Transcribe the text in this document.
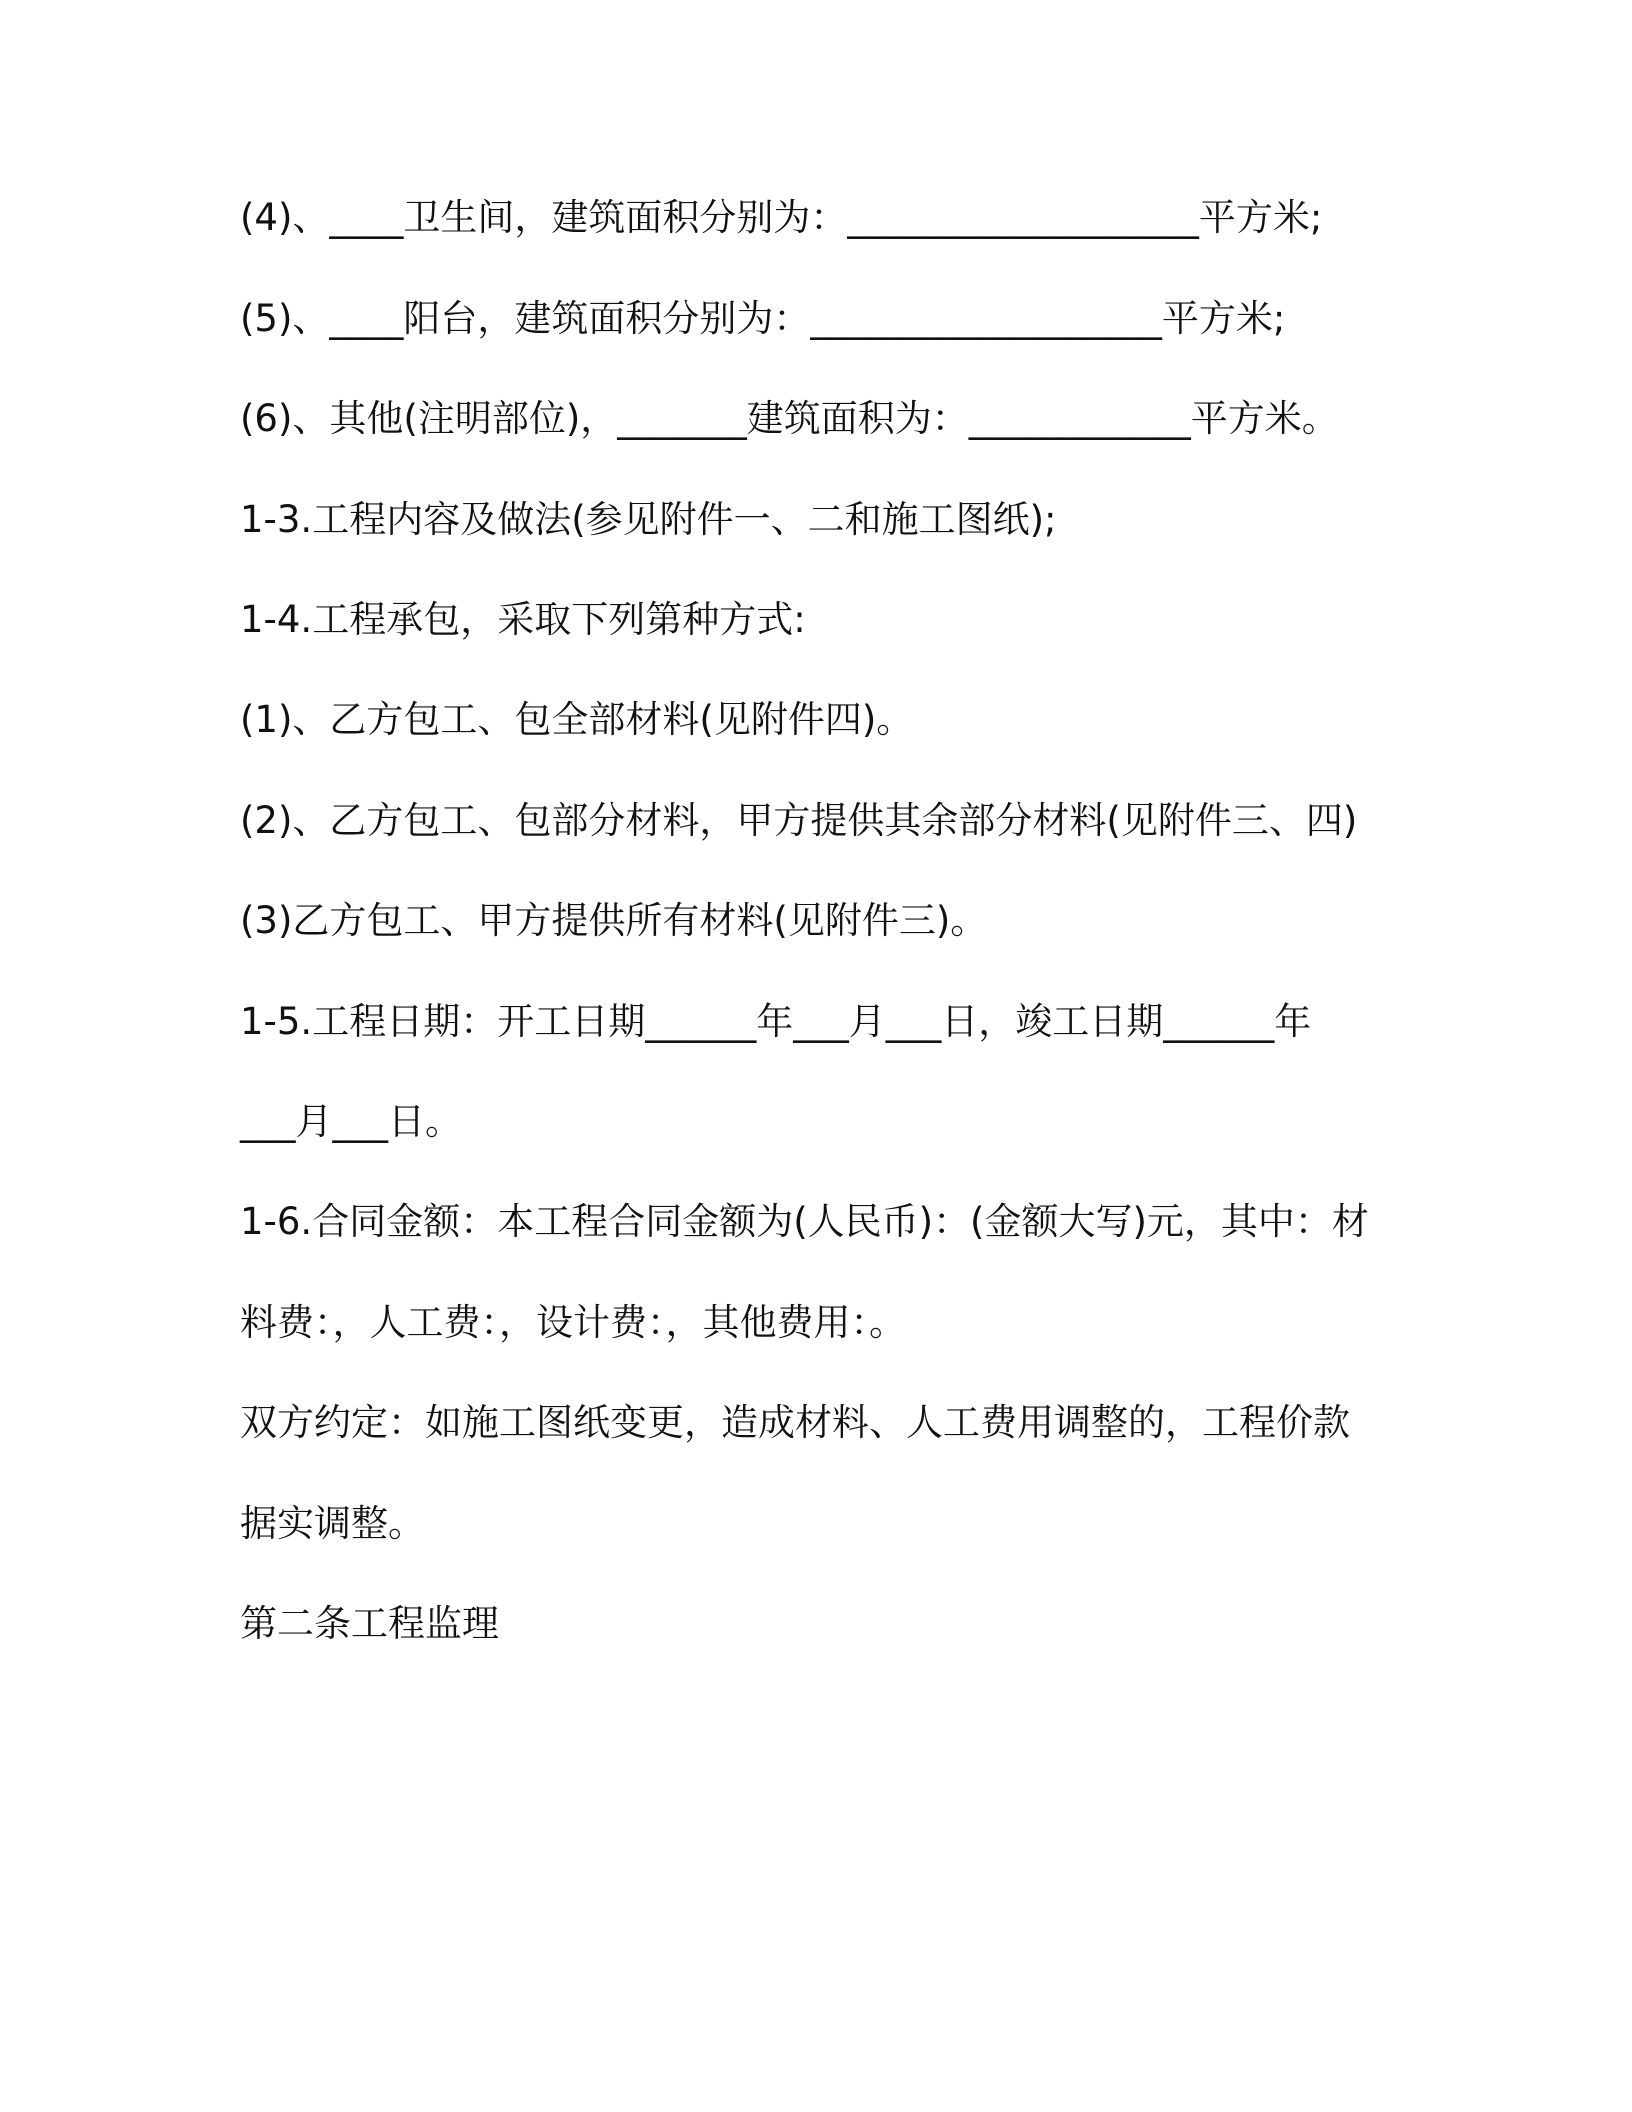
(4)、____卫生间，建筑面积分别为：___________________平方米;
(5)、____阳台，建筑面积分别为：___________________平方米;
(6)、其他(注明部位)，_______建筑面积为：____________平方米。
1-3.工程内容及做法(参见附件一、二和施工图纸);
1-4.工程承包，采取下列第种方式:
(1)、乙方包工、包全部材料(见附件四)。
(2)、乙方包工、包部分材料，甲方提供其余部分材料(见附件三、四)
(3)乙方包工、甲方提供所有材料(见附件三)。
1-5.工程日期：开工日期______年___月___日，竣工日期______年
___月___日。
1-6.合同金额：本工程合同金额为(人民币)：(金额大写)元，其中：材
料费：，人工费：，设计费：，其他费用：。
双方约定：如施工图纸变更，造成材料、人工费用调整的，工程价款
据实调整。
第二条工程监理
